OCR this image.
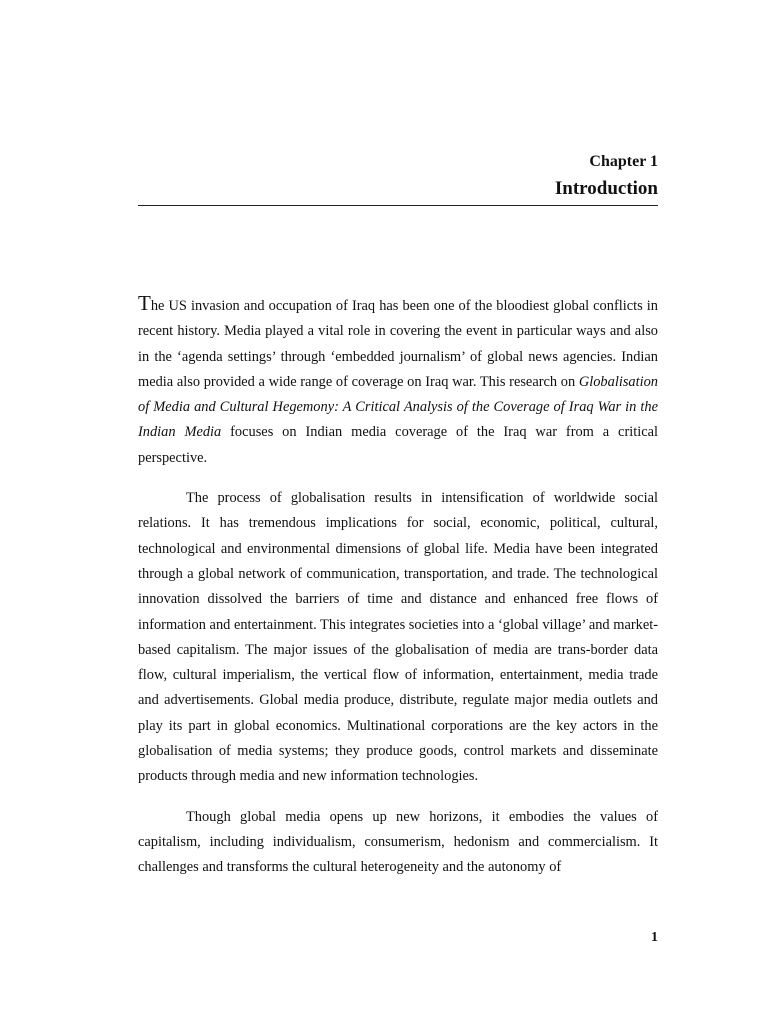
Chapter 1
Introduction

The US invasion and occupation of Iraq has been one of the bloodiest global conflicts in recent history. Media played a vital role in covering the event in particular ways and also in the ‘agenda settings’ through ‘embedded journalism’ of global news agencies. Indian media also provided a wide range of coverage on Iraq war. This research on Globalisation of Media and Cultural Hegemony: A Critical Analysis of the Coverage of Iraq War in the Indian Media focuses on Indian media coverage of the Iraq war from a critical perspective.

The process of globalisation results in intensification of worldwide social relations. It has tremendous implications for social, economic, political, cultural, technological and environmental dimensions of global life. Media have been integrated through a global network of communication, transportation, and trade. The technological innovation dissolved the barriers of time and distance and enhanced free flows of information and entertainment. This integrates societies into a ‘global village’ and market-based capitalism. The major issues of the globalisation of media are trans-border data flow, cultural imperialism, the vertical flow of information, entertainment, media trade and advertisements. Global media produce, distribute, regulate major media outlets and play its part in global economics. Multinational corporations are the key actors in the globalisation of media systems; they produce goods, control markets and disseminate products through media and new information technologies.

Though global media opens up new horizons, it embodies the values of capitalism, including individualism, consumerism, hedonism and commercialism. It challenges and transforms the cultural heterogeneity and the autonomy of

1
